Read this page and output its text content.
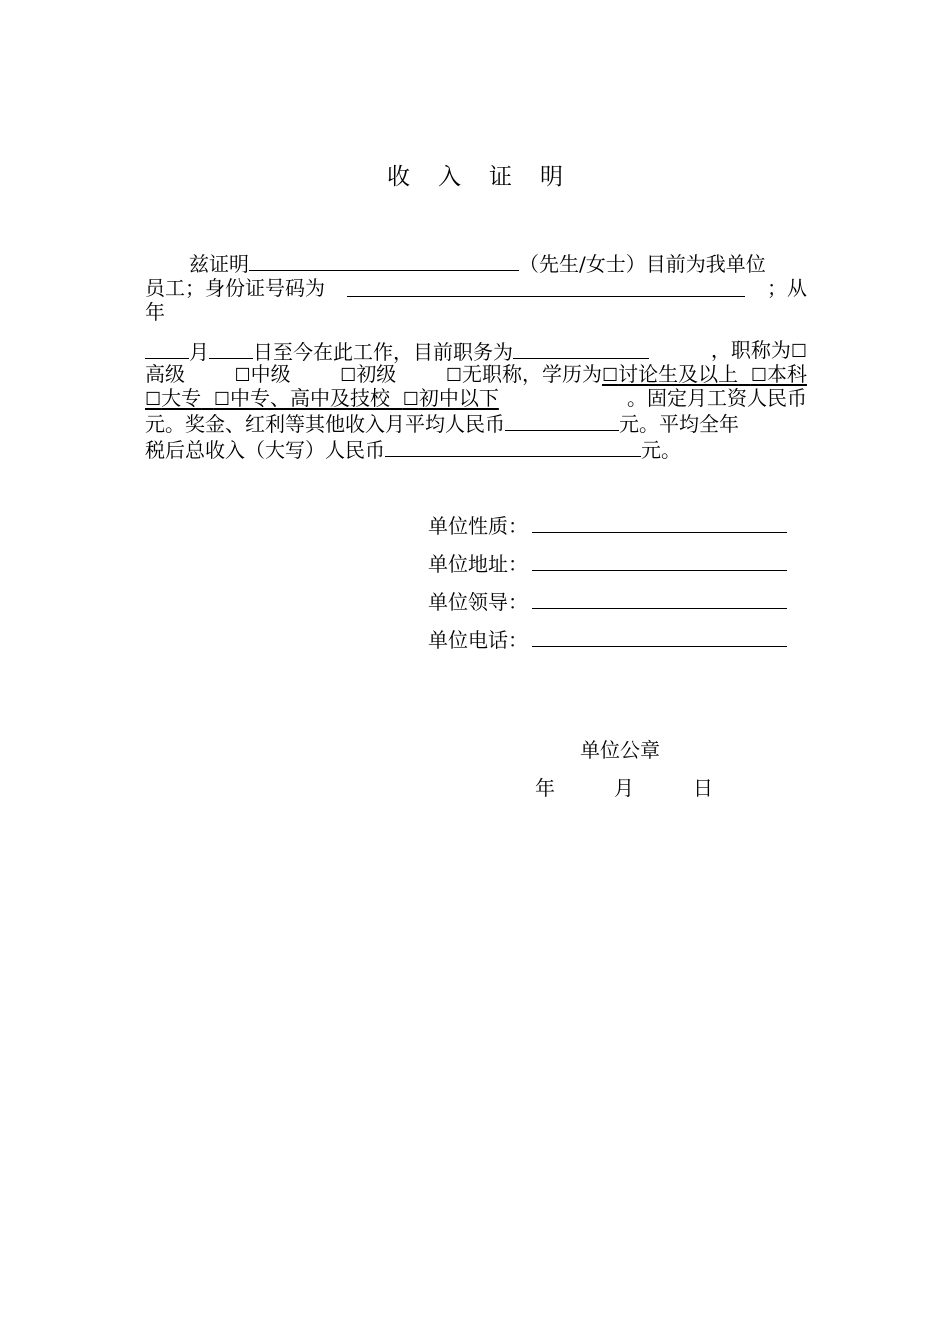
收 入 证 明
兹证明	（先生/女士）目前为我单位
员工；身份证号码为	；从
年
月 日至今在此工作，目前职务为	，职称为☐
高级	☐中级	☐初级	☐无职称，学历为☐讨论生及以上 ☐本科
☐大专 ☐中专、高中及技校 ☐初中以下	。固定月工资人民币
元。奖金、红利等其他收入月平均人民币	元。平均全年
税后总收入（大写）人民币	元。
单位性质：
单位地址：
单位领导：
单位电话：
单位公章
年	月	日
